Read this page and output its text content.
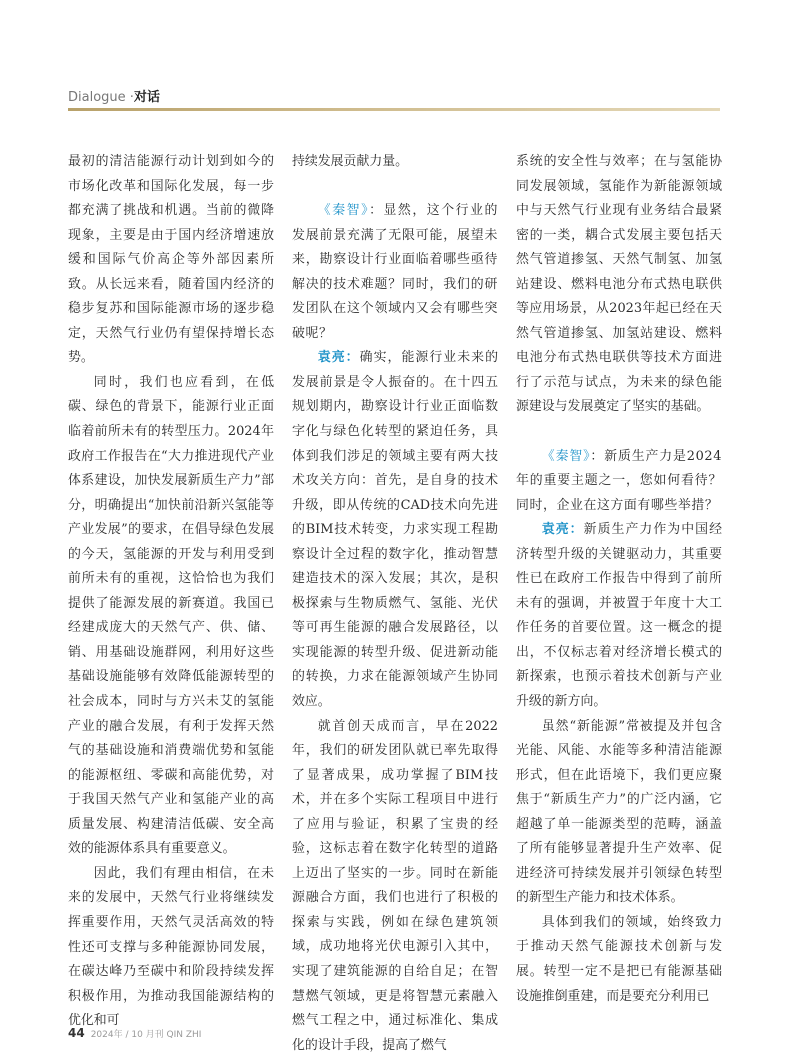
Dialogue ·对话

最初的清洁能源行动计划到如今的市场化改革和国际化发展，每一步都充满了挑战和机遇。当前的微降现象，主要是由于国内经济增速放缓和国际气价高企等外部因素所致。从长远来看，随着国内经济的稳步复苏和国际能源市场的逐步稳定，天然气行业仍有望保持增长态势。

同时，我们也应看到，在低碳、绿色的背景下，能源行业正面临着前所未有的转型压力。2024年政府工作报告在“大力推进现代产业体系建设，加快发展新质生产力”部分，明确提出“加快前沿新兴氢能等产业发展”的要求，在倡导绿色发展的今天，氢能源的开发与利用受到前所未有的重视，这恰恰也为我们提供了能源发展的新赛道。我国已经建成庞大的天然气产、供、储、销、用基础设施群网，利用好这些基础设施能够有效降低能源转型的社会成本，同时与方兴未艾的氢能产业的融合发展，有利于发挥天然气的基础设施和消费端优势和氢能的能源枢纽、零碳和高能优势，对于我国天然气产业和氢能产业的高质量发展、构建清洁低碳、安全高效的能源体系具有重要意义。

因此，我们有理由相信，在未来的发展中，天然气行业将继续发挥重要作用，天然气灵活高效的特性还可支撑与多种能源协同发展，在碳达峰乃至碳中和阶段持续发挥积极作用，为推动我国能源结构的优化和可

持续发展贡献力量。

《秦智》：显然，这个行业的发展前景充满了无限可能，展望未来，勘察设计行业面临着哪些亟待解决的技术难题？同时，我们的研发团队在这个领域内又会有哪些突破呢？

袁亮：确实，能源行业未来的发展前景是令人振奋的。在十四五规划期内，勘察设计行业正面临数字化与绿色化转型的紧迫任务，具体到我们涉足的领域主要有两大技术攻关方向：首先，是自身的技术升级，即从传统的CAD技术向先进的BIM技术转变，力求实现工程勘察设计全过程的数字化，推动智慧建造技术的深入发展；其次，是积极探索与生物质燃气、氢能、光伏等可再生能源的融合发展路径，以实现能源的转型升级、促进新动能的转换，力求在能源领域产生协同效应。

就首创天成而言，早在2022年，我们的研发团队就已率先取得了显著成果，成功掌握了BIM技术，并在多个实际工程项目中进行了应用与验证，积累了宝贵的经验，这标志着在数字化转型的道路上迈出了坚实的一步。同时在新能源融合方面，我们也进行了积极的探索与实践，例如在绿色建筑领域，成功地将光伏电源引入其中，实现了建筑能源的自给自足；在智慧燃气领域，更是将智慧元素融入燃气工程之中，通过标准化、集成化的设计手段，提高了燃气

系统的安全性与效率；在与氢能协同发展领域，氢能作为新能源领域中与天然气行业现有业务结合最紧密的一类，耦合式发展主要包括天然气管道掺氢、天然气制氢、加氢站建设、燃料电池分布式热电联供等应用场景，从2023年起已经在天然气管道掺氢、加氢站建设、燃料电池分布式热电联供等技术方面进行了示范与试点，为未来的绿色能源建设与发展奠定了坚实的基础。

《秦智》：新质生产力是2024年的重要主题之一，您如何看待？同时，企业在这方面有哪些举措？

袁亮：新质生产力作为中国经济转型升级的关键驱动力，其重要性已在政府工作报告中得到了前所未有的强调，并被置于年度十大工作任务的首要位置。这一概念的提出，不仅标志着对经济增长模式的新探索，也预示着技术创新与产业升级的新方向。

虽然“新能源”常被提及并包含光能、风能、水能等多种清洁能源形式，但在此语境下，我们更应聚焦于“新质生产力”的广泛内涵，它超越了单一能源类型的范畴，涵盖了所有能够显著提升生产效率、促进经济可持续发展并引领绿色转型的新型生产能力和技术体系。

具体到我们的领域，始终致力于推动天然气能源技术创新与发展。转型一定不是把已有能源基础设施推倒重建，而是要充分利用已

44 2024年 / 10 月刊 QIN ZHI
